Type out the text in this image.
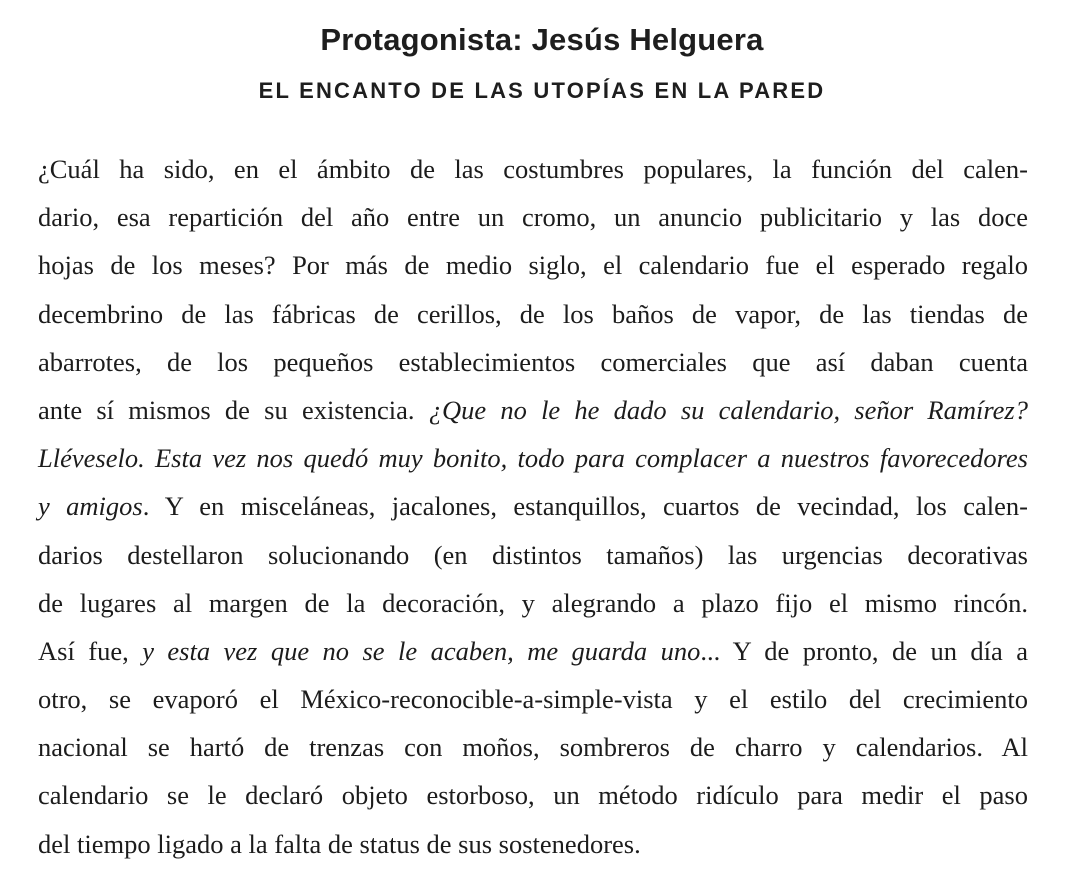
Protagonista: Jesús Helguera
EL ENCANTO DE LAS UTOPÍAS EN LA PARED
¿Cuál ha sido, en el ámbito de las costumbres populares, la función del calen-
dario, esa repartición del año entre un cromo, un anuncio publicitario y las doce
hojas de los meses? Por más de medio siglo, el calendario fue el esperado regalo
decembrino de las fábricas de cerillos, de los baños de vapor, de las tiendas de
abarrotes, de los pequeños establecimientos comerciales que así daban cuenta
ante sí mismos de su existencia. ¿Que no le he dado su calendario, señor Ramírez?
Lléveselo. Esta vez nos quedó muy bonito, todo para complacer a nuestros favorecedores
y amigos. Y en misceláneas, jacalones, estanquillos, cuartos de vecindad, los calen-
darios destellaron solucionando (en distintos tamaños) las urgencias decorativas
de lugares al margen de la decoración, y alegrando a plazo fijo el mismo rincón.
Así fue, y esta vez que no se le acaben, me guarda uno... Y de pronto, de un día a
otro, se evaporó el México-reconocible-a-simple-vista y el estilo del crecimiento
nacional se hartó de trenzas con moños, sombreros de charro y calendarios. Al
calendario se le declaró objeto estorboso, un método ridículo para medir el paso
del tiempo ligado a la falta de status de sus sostenedores.
